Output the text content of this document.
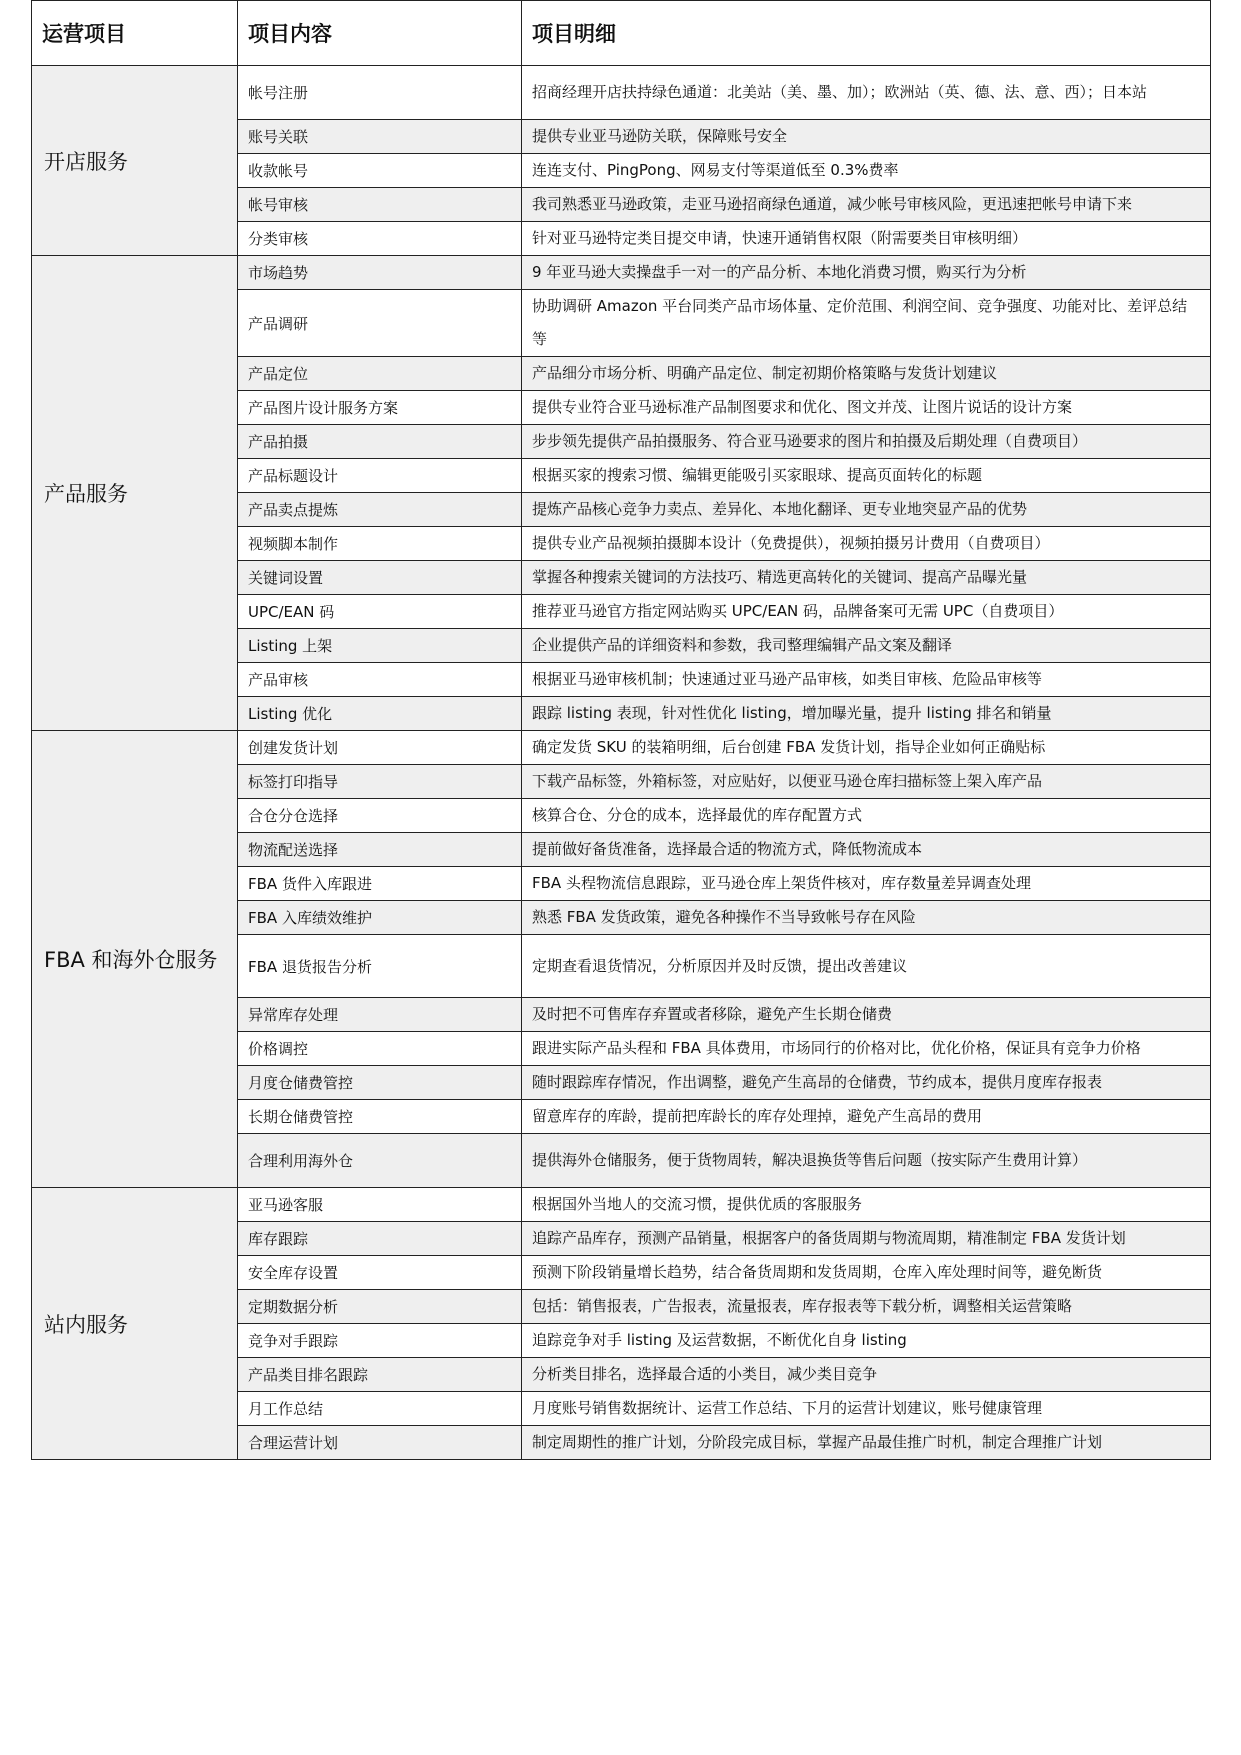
运营项目	项目内容	项目明细
开店服务	帐号注册	招商经理开店扶持绿色通道：北美站（美、墨、加）；欧洲站（英、德、法、意、西）；日本站
	账号关联	提供专业亚马逊防关联，保障账号安全
	收款帐号	连连支付、PingPong、网易支付等渠道低至 0.3%费率
	帐号审核	我司熟悉亚马逊政策，走亚马逊招商绿色通道，减少帐号审核风险，更迅速把帐号申请下来
	分类审核	针对亚马逊特定类目提交申请，快速开通销售权限（附需要类目审核明细）
产品服务	市场趋势	9 年亚马逊大卖操盘手一对一的产品分析、本地化消费习惯，购买行为分析
	产品调研	协助调研 Amazon 平台同类产品市场体量、定价范围、利润空间、竞争强度、功能对比、差评总结等
	产品定位	产品细分市场分析、明确产品定位、制定初期价格策略与发货计划建议
	产品图片设计服务方案	提供专业符合亚马逊标准产品制图要求和优化、图文并茂、让图片说话的设计方案
	产品拍摄	步步领先提供产品拍摄服务、符合亚马逊要求的图片和拍摄及后期处理（自费项目）
	产品标题设计	根据买家的搜索习惯、编辑更能吸引买家眼球、提高页面转化的标题
	产品卖点提炼	提炼产品核心竞争力卖点、差异化、本地化翻译、更专业地突显产品的优势
	视频脚本制作	提供专业产品视频拍摄脚本设计（免费提供），视频拍摄另计费用（自费项目）
	关键词设置	掌握各种搜索关键词的方法技巧、精选更高转化的关键词、提高产品曝光量
	UPC/EAN 码	推荐亚马逊官方指定网站购买 UPC/EAN 码，品牌备案可无需 UPC（自费项目）
	Listing 上架	企业提供产品的详细资料和参数，我司整理编辑产品文案及翻译
	产品审核	根据亚马逊审核机制；快速通过亚马逊产品审核，如类目审核、危险品审核等
	Listing 优化	跟踪 listing 表现，针对性优化 listing，增加曝光量，提升 listing 排名和销量
FBA 和海外仓服务	创建发货计划	确定发货 SKU 的装箱明细，后台创建 FBA 发货计划，指导企业如何正确贴标
	标签打印指导	下载产品标签，外箱标签，对应贴好，以便亚马逊仓库扫描标签上架入库产品
	合仓分仓选择	核算合仓、分仓的成本，选择最优的库存配置方式
	物流配送选择	提前做好备货准备，选择最合适的物流方式，降低物流成本
	FBA 货件入库跟进	FBA 头程物流信息跟踪，亚马逊仓库上架货件核对，库存数量差异调查处理
	FBA 入库绩效维护	熟悉 FBA 发货政策，避免各种操作不当导致帐号存在风险
	FBA 退货报告分析	定期查看退货情况，分析原因并及时反馈，提出改善建议
	异常库存处理	及时把不可售库存弃置或者移除，避免产生长期仓储费
	价格调控	跟进实际产品头程和 FBA 具体费用，市场同行的价格对比，优化价格，保证具有竞争力价格
	月度仓储费管控	随时跟踪库存情况，作出调整，避免产生高昂的仓储费，节约成本，提供月度库存报表
	长期仓储费管控	留意库存的库龄，提前把库龄长的库存处理掉，避免产生高昂的费用
	合理利用海外仓	提供海外仓储服务，便于货物周转，解决退换货等售后问题（按实际产生费用计算）
站内服务	亚马逊客服	根据国外当地人的交流习惯，提供优质的客服服务
	库存跟踪	追踪产品库存，预测产品销量，根据客户的备货周期与物流周期，精准制定 FBA 发货计划
	安全库存设置	预测下阶段销量增长趋势，结合备货周期和发货周期，仓库入库处理时间等，避免断货
	定期数据分析	包括：销售报表，广告报表，流量报表，库存报表等下载分析，调整相关运营策略
	竞争对手跟踪	追踪竞争对手 listing 及运营数据，不断优化自身 listing
	产品类目排名跟踪	分析类目排名，选择最合适的小类目，减少类目竞争
	月工作总结	月度账号销售数据统计、运营工作总结、下月的运营计划建议，账号健康管理
	合理运营计划	制定周期性的推广计划，分阶段完成目标，掌握产品最佳推广时机，制定合理推广计划
